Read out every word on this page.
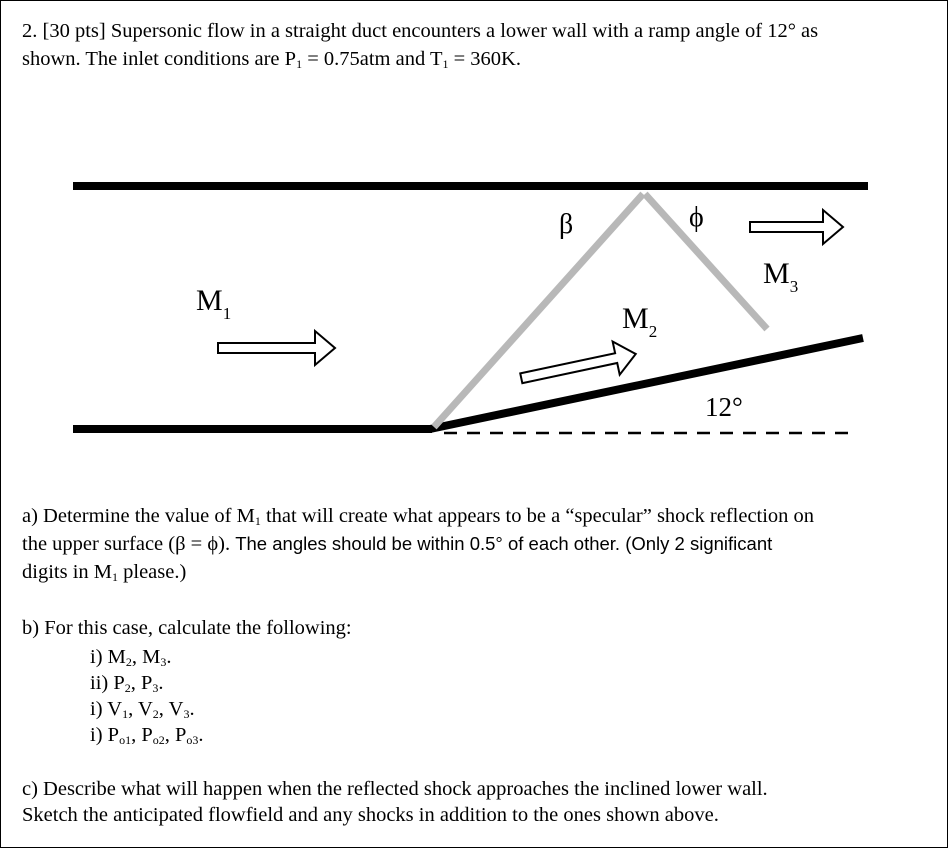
2. [30 pts] Supersonic flow in a straight duct encounters a lower wall with a ramp angle of 12° as

shown. The inlet conditions are $P_1 = 0.75atm$ and $T_1 = 360K$.

β	ϕ
$M_1$	$M_2$
$M_3$
12°

a) Determine the value of $M_1$ that will create what appears to be a “specular” shock reflection on

the upper surface (β = ϕ). The angles should be within 0.5° of each other. (Only 2 significant

digits in $M_1$ please.)

b) For this case, calculate the following:

i) $M_2$, $M_3$.

ii) $P_2$, $P_3$.

i) $V_1$, $V_2$, $V_3$.

i) $P_{o1}$, $P_{o2}$, $P_{o3}$.

c) Describe what will happen when the reflected shock approaches the inclined lower wall.

Sketch the anticipated flowfield and any shocks in addition to the ones shown above.
